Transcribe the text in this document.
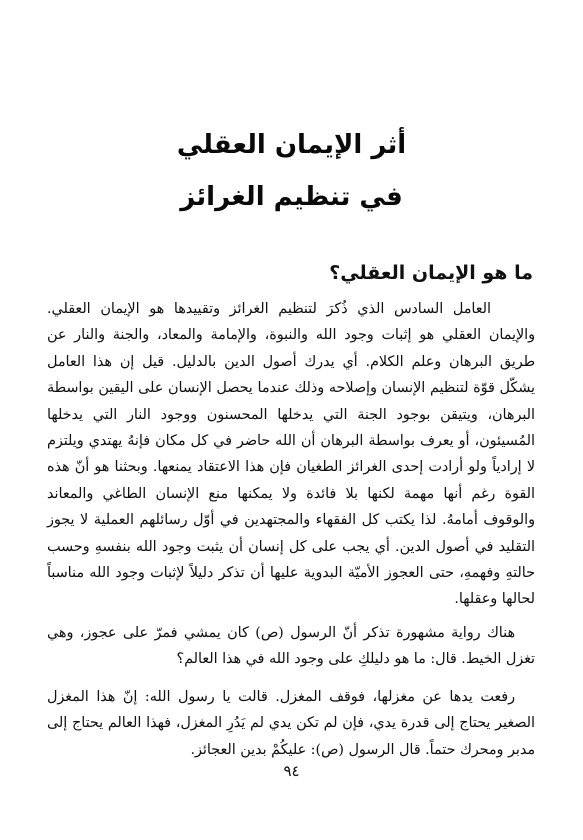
أثر الإيمان العقلي
في تنظيم الغرائز
ما هو الإيمان العقلي؟

العامل السادس الذي ذُكرَ لتنظيم الغرائز وتقييدها هو الإيمان العقلي. والإيمان العقلي هو إثبات وجود الله والنبوة، والإمامة والمعاد، والجنة والنار عن طريق البرهان وعلم الكلام. أي يدرك أصول الدين بالدليل. قيل إن هذا العامل يشكّل قوّة لتنظيم الإنسان وإصلاحه وذلك عندما يحصل الإنسان على اليقين بواسطة البرهان، ويتيقن بوجود الجنة التي يدخلها المحسنون ووجود النار التي يدخلها المُسيئون، أو يعرف بواسطة البرهان أن الله حاضر في كل مكان فإنهُ يهتدي ويلتزم لا إرادياً ولو أرادت إحدى الغرائز الطغيان فإن هذا الاعتقاد يمنعها. وبحثنا هو أنّ هذه القوة رغم أنها مهمة لكنها بلا فائدة ولا يمكنها منع الإنسان الطاغي والمعاند والوقوف أمامهُ. لذا يكتب كل الفقهاء والمجتهدين في أوّل رسائلهم العملية لا يجوز التقليد في أصول الدين. أي يجب على كل إنسان أن يثبت وجود الله بنفسهِ وحسب حالتهِ وفهمهِ، حتى العجوز الأميّة البدوية عليها أن تذكر دليلاً لإثبات وجود الله مناسباً لحالها وعقلها.

هناك رواية مشهورة تذكر أنّ الرسول (ص) كان يمشي فمرّ على عجوز، وهي تغزل الخيط. قال: ما هو دليلكِ على وجود الله في هذا العالم؟

رفعت يدها عن مغزلها، فوقف المغزل. قالت يا رسول الله: إنّ هذا المغزل الصغير يحتاج إلى قدرة يدي، فإن لم تكن يدي لم يَدُرِ المغزل، فهذا العالم يحتاج إلى مدبر ومحرك حتماً. قال الرسول (ص): عليكُمْ بدين العجائز.

٩٤
